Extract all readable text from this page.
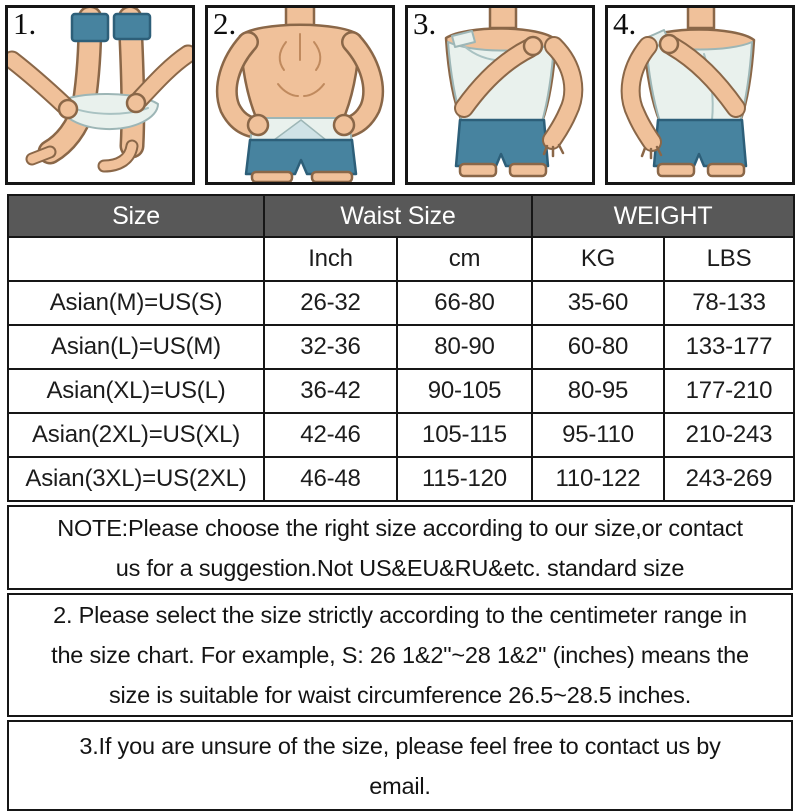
1.	2.	3.	4.
Size	Waist Size		WEIGHT	
	Inch	cm	KG	LBS
Asian(M)=US(S)	26-32	66-80	35-60	78-133
Asian(L)=US(M)	32-36	80-90	60-80	133-177
Asian(XL)=US(L)	36-42	90-105	80-95	177-210
Asian(2XL)=US(XL)	42-46	105-115	95-110	210-243
Asian(3XL)=US(2XL)	46-48	115-120	110-122	243-269
NOTE:Please choose the right size according to our size,or contact
us for a suggestion.Not US&EU&RU&etc. standard size
2. Please select the size strictly according to the centimeter range in
the size chart. For example, S: 26 1&2"~28 1&2" (inches) means the
size is suitable for waist circumference 26.5~28.5 inches.
3.If you are unsure of the size, please feel free to contact us by
email.
